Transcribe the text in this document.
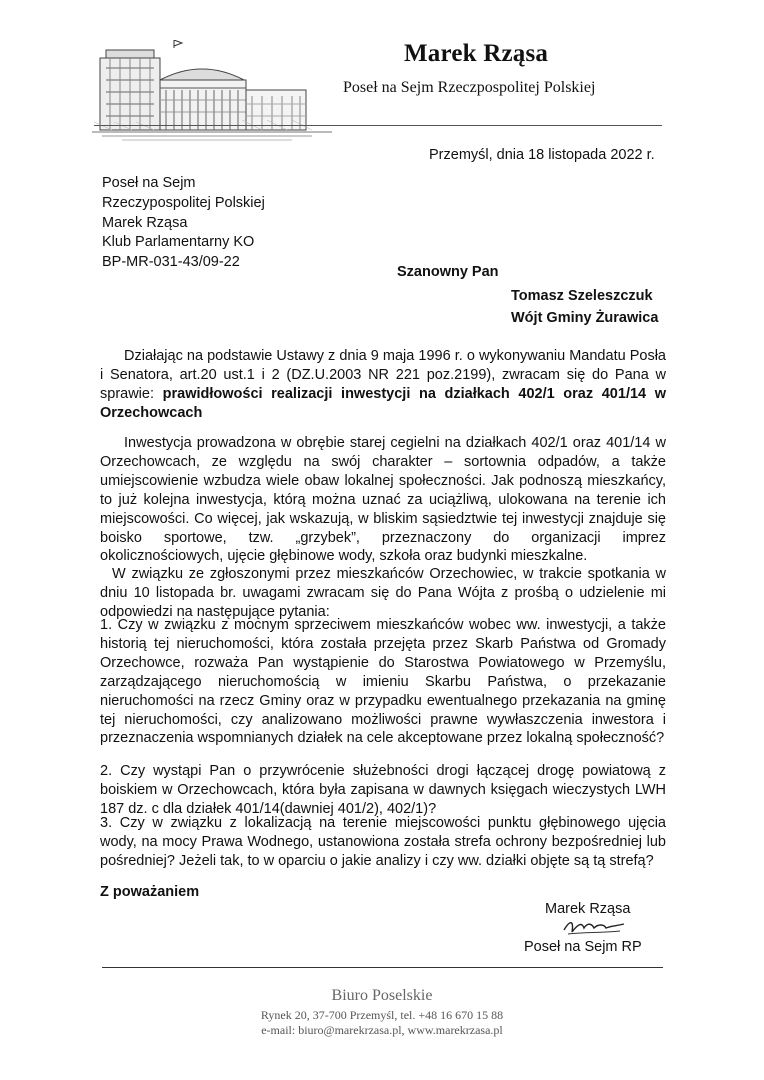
Marek Rząsa
Poseł na Sejm Rzeczpospolitej Polskiej
Przemyśl, dnia 18 listopada 2022 r.
Poseł na Sejm
Rzeczypospolitej Polskiej
Marek Rząsa
Klub Parlamentarny KO
BP-MR-031-43/09-22
Szanowny Pan
Tomasz Szeleszczuk
Wójt Gminy Żurawica

Działając na podstawie Ustawy z dnia 9 maja 1996 r. o wykonywaniu Mandatu Posła i Senatora, art.20 ust.1 i 2 (DZ.U.2003 NR 221 poz.2199), zwracam się do Pana w sprawie: prawidłowości realizacji inwestycji na działkach 402/1 oraz 401/14 w Orzechowcach

Inwestycja prowadzona w obrębie starej cegielni na działkach 402/1 oraz 401/14 w Orzechowcach, ze względu na swój charakter – sortownia odpadów, a także umiejscowienie wzbudza wiele obaw lokalnej społeczności. Jak podnoszą mieszkańcy, to już kolejna inwestycja, którą można uznać za uciążliwą, ulokowana na terenie ich miejscowości. Co więcej, jak wskazują, w bliskim sąsiedztwie tej inwestycji znajduje się boisko sportowe, tzw. „grzybek”, przeznaczony do organizacji imprez okolicznościowych, ujęcie głębinowe wody, szkoła oraz budynki mieszkalne.
W związku ze zgłoszonymi przez mieszkańców Orzechowiec, w trakcie spotkania w dniu 10 listopada br. uwagami zwracam się do Pana Wójta z prośbą o udzielenie mi odpowiedzi na następujące pytania:
1. Czy w związku z mocnym sprzeciwem mieszkańców wobec ww. inwestycji, a także historią tej nieruchomości, która została przejęta przez Skarb Państwa od Gromady Orzechowce, rozważa Pan wystąpienie do Starostwa Powiatowego w Przemyślu, zarządzającego nieruchomością w imieniu Skarbu Państwa, o przekazanie nieruchomości na rzecz Gminy oraz w przypadku ewentualnego przekazania na gminę tej nieruchomości, czy analizowano możliwości prawne wywłaszczenia inwestora i przeznaczenia wspomnianych działek na cele akceptowane przez lokalną społeczność?
2. Czy wystąpi Pan o przywrócenie służebności drogi łączącej drogę powiatową z boiskiem w Orzechowcach, która była zapisana w dawnych księgach wieczystych LWH 187 dz. c dla działek 401/14(dawniej 401/2), 402/1)?
3. Czy w związku z lokalizacją na terenie miejscowości punktu głębinowego ujęcia wody, na mocy Prawa Wodnego, ustanowiona została strefa ochrony bezpośredniej lub pośredniej? Jeżeli tak, to w oparciu o jakie analizy i czy ww. działki objęte są tą strefą?
Z poważaniem
Marek Rząsa
Poseł na Sejm RP
Biuro Poselskie
Rynek 20, 37-700 Przemyśl, tel. +48 16 670 15 88
e-mail: biuro@marekrzasa.pl, www.marekrzasa.pl
